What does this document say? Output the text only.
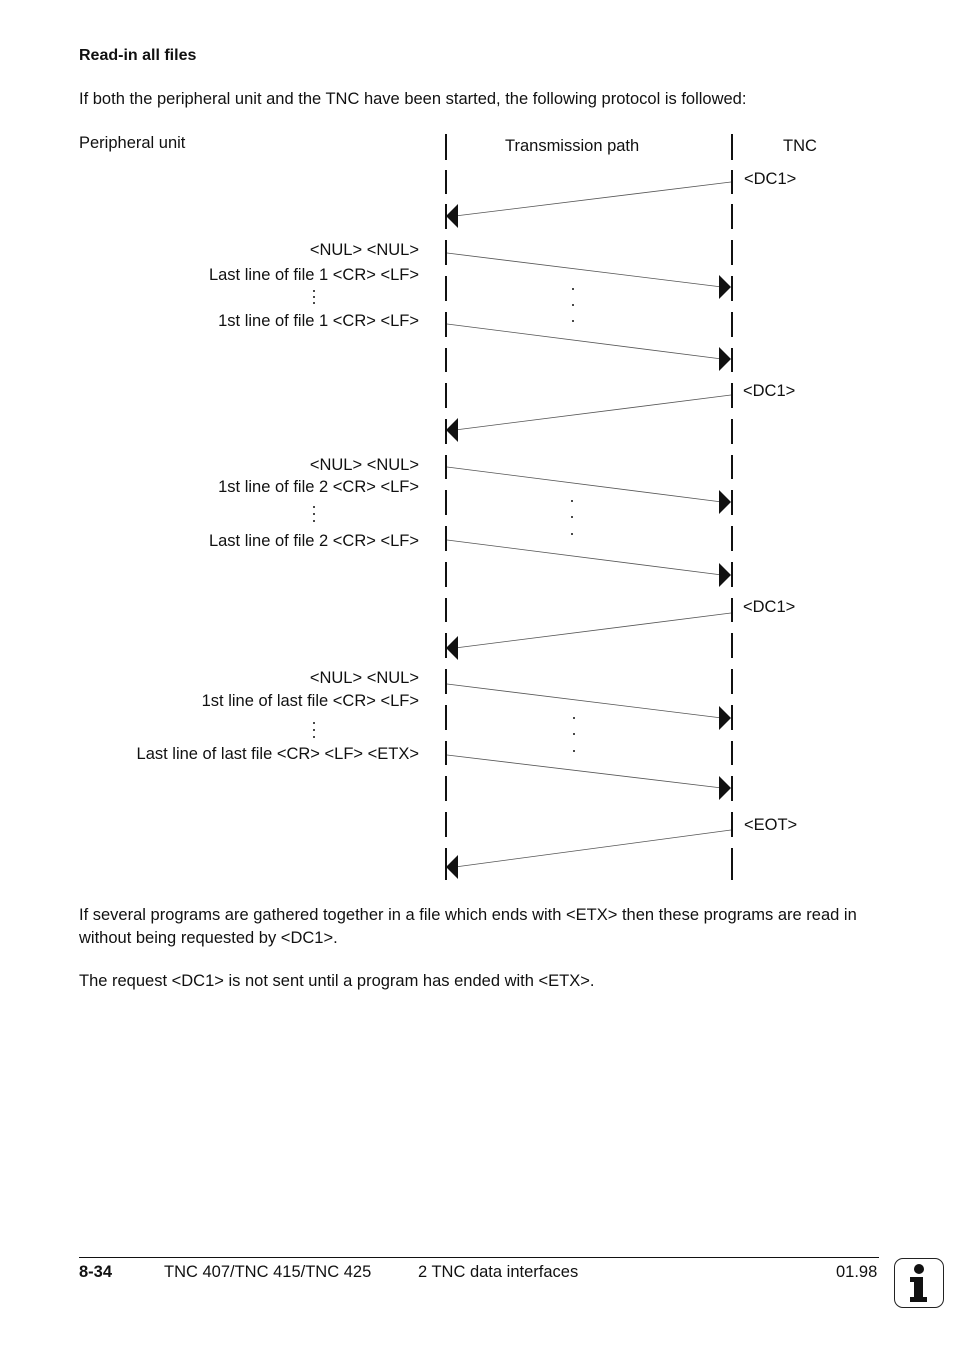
Read-in all files
If both the peripheral unit and the TNC have been started, the following protocol is followed:
Peripheral unit	Transmission path	TNC
<DC1>
<DC1>
<DC1>
<EOT>
<NUL> <NUL>
Last line of file 1 <CR> <LF>
1st line of file 1 <CR> <LF>
<NUL> <NUL>
1st line of file 2 <CR> <LF>
Last line of file 2 <CR> <LF>
<NUL> <NUL>
1st line of last file <CR> <LF>
Last line of last file <CR> <LF> <ETX>
If several programs are gathered together in a file which ends with <ETX> then these programs are read in without being requested by <DC1>.
The request <DC1> is not sent until a program has ended with <ETX>.
8-34	TNC 407/TNC 415/TNC 425	2 TNC data interfaces	01.98
